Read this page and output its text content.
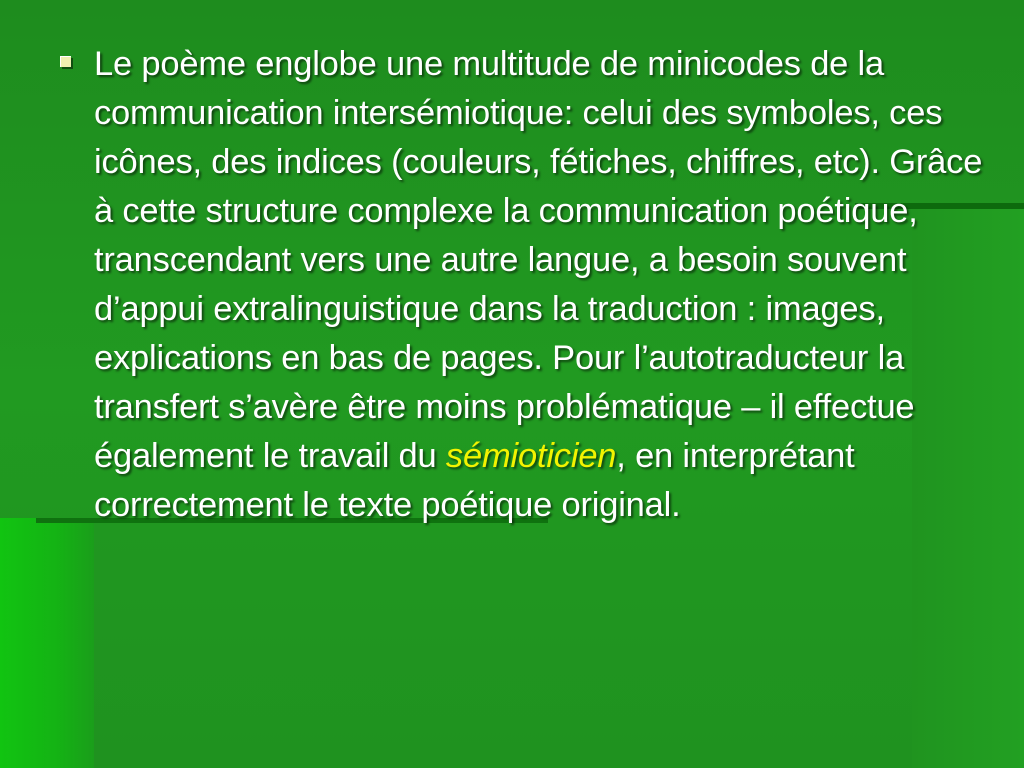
Le poème englobe une multitude de minicodes de la communication intersémiotique: celui des symboles, ces icônes, des indices (couleurs, fétiches, chiffres, etc). Grâce à cette structure complexe la communication poétique, transcendant vers une autre langue, a besoin souvent d’appui extralinguistique dans la traduction : images, explications en bas de pages. Pour l’autotraducteur la transfert s’avère être moins problématique – il effectue également le travail du sémioticien, en interprétant correctement le texte poétique original.
